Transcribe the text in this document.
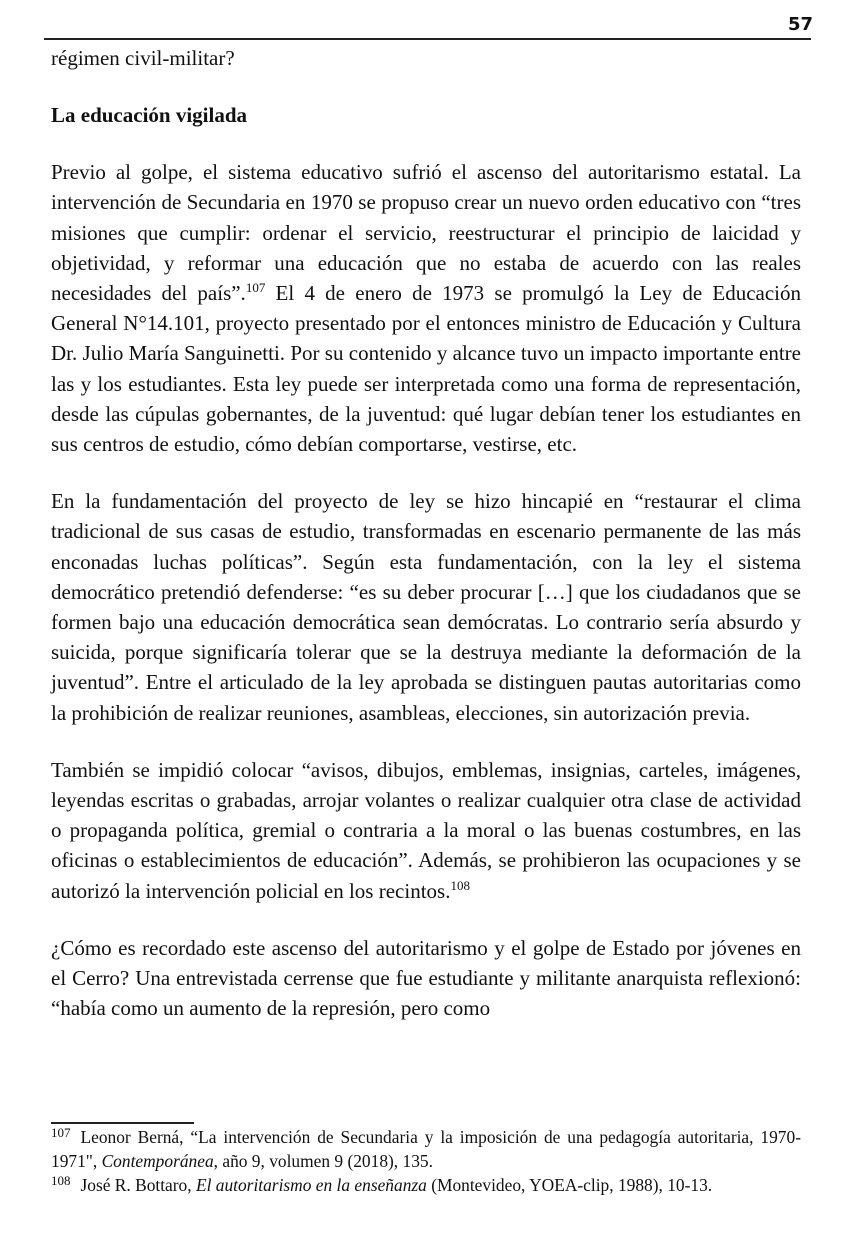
57

régimen civil-militar?

La educación vigilada

Previo al golpe, el sistema educativo sufrió el ascenso del autoritarismo estatal. La intervención de Secundaria en 1970 se propuso crear un nuevo orden educativo con “tres misiones que cumplir: ordenar el servicio, reestructurar el principio de laicidad y objetividad, y reformar una educación que no estaba de acuerdo con las reales necesidades del país”.$^{107}$ El 4 de enero de 1973 se promulgó la Ley de Educación General N°14.101, proyecto presentado por el entonces ministro de Educación y Cultura Dr. Julio María Sanguinetti. Por su contenido y alcance tuvo un impacto importante entre las y los estudiantes. Esta ley puede ser interpretada como una forma de representación, desde las cúpulas gobernantes, de la juventud: qué lugar debían tener los estudiantes en sus centros de estudio, cómo debían comportarse, vestirse, etc.

En la fundamentación del proyecto de ley se hizo hincapié en “restaurar el clima tradicional de sus casas de estudio, transformadas en escenario permanente de las más enconadas luchas políticas”. Según esta fundamentación, con la ley el sistema democrático pretendió defenderse: “es su deber procurar […] que los ciudadanos que se formen bajo una educación democrática sean demócratas. Lo contrario sería absurdo y suicida, porque significaría tolerar que se la destruya mediante la deformación de la juventud”. Entre el articulado de la ley aprobada se distinguen pautas autoritarias como la prohibición de realizar reuniones, asambleas, elecciones, sin autorización previa.

También se impidió colocar “avisos, dibujos, emblemas, insignias, carteles, imágenes, leyendas escritas o grabadas, arrojar volantes o realizar cualquier otra clase de actividad o propaganda política, gremial o contraria a la moral o las buenas costumbres, en las oficinas o establecimientos de educación”. Además, se prohibieron las ocupaciones y se autorizó la intervención policial en los recintos.$^{108}$

¿Cómo es recordado este ascenso del autoritarismo y el golpe de Estado por jóvenes en el Cerro? Una entrevistada cerrense que fue estudiante y militante anarquista reflexionó: “había como un aumento de la represión, pero como

$^{107}$ Leonor Berná, “La intervención de Secundaria y la imposición de una pedagogía autoritaria, 1970-1971", Contemporánea, año 9, volumen 9 (2018), 135.

$^{108}$ José R. Bottaro, El autoritarismo en la enseñanza (Montevideo, YOEA-clip, 1988), 10-13.
